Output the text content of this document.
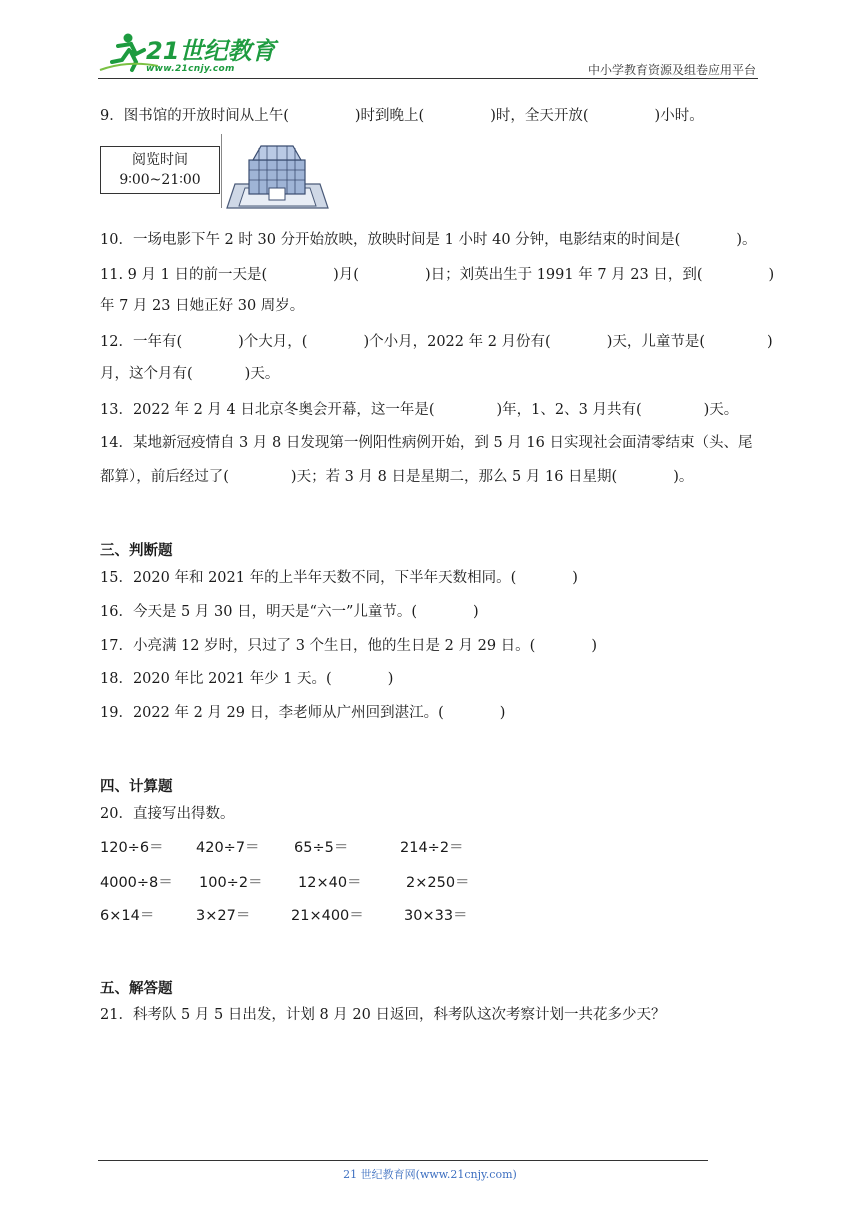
21世纪教育
www.21cnjy.com	中小学教育资源及组卷应用平台
9．图书馆的开放时间从上午(	)时到晚上(	)时，全天开放(	)小时。
阅览时间
9∶00~21∶00
10．一场电影下午 2 时 30 分开始放映，放映时间是 1 小时 40 分钟，电影结束的时间是(	)。
11. 9 月 1 日的前一天是(	)月(	)日；刘英出生于 1991 年 7 月 23 日，到(	)
年 7 月 23 日她正好 30 周岁。
12．一年有(	)个大月，(	)个小月，2022 年 2 月份有(	)天，儿童节是(	)
月，这个月有(	)天。
13．2022 年 2 月 4 日北京冬奥会开幕，这一年是(	)年，1、2、3 月共有(	)天。
14．某地新冠疫情自 3 月 8 日发现第一例阳性病例开始，到 5 月 16 日实现社会面清零结束（头、尾
都算），前后经过了(	)天；若 3 月 8 日是星期二，那么 5 月 16 日星期(	)。
三、判断题
15．2020 年和 2021 年的上半年天数不同，下半年天数相同。(	)
16．今天是 5 月 30 日，明天是“六一”儿童节。(	)
17．小亮满 12 岁时，只过了 3 个生日，他的生日是 2 月 29 日。(	)
18．2020 年比 2021 年少 1 天。(	)
19．2022 年 2 月 29 日，李老师从广州回到湛江。(	)
四、计算题
20．直接写出得数。
120÷6＝ 420÷7＝ 65÷5＝	214÷2＝
4000÷8＝ 100÷2＝ 12×40＝	2×250＝
6×14＝	3×27＝	21×400＝	30×33＝
五、解答题
21．科考队 5 月 5 日出发，计划 8 月 20 日返回，科考队这次考察计划一共花多少天？
21 世纪教育网(www.21cnjy.com)
